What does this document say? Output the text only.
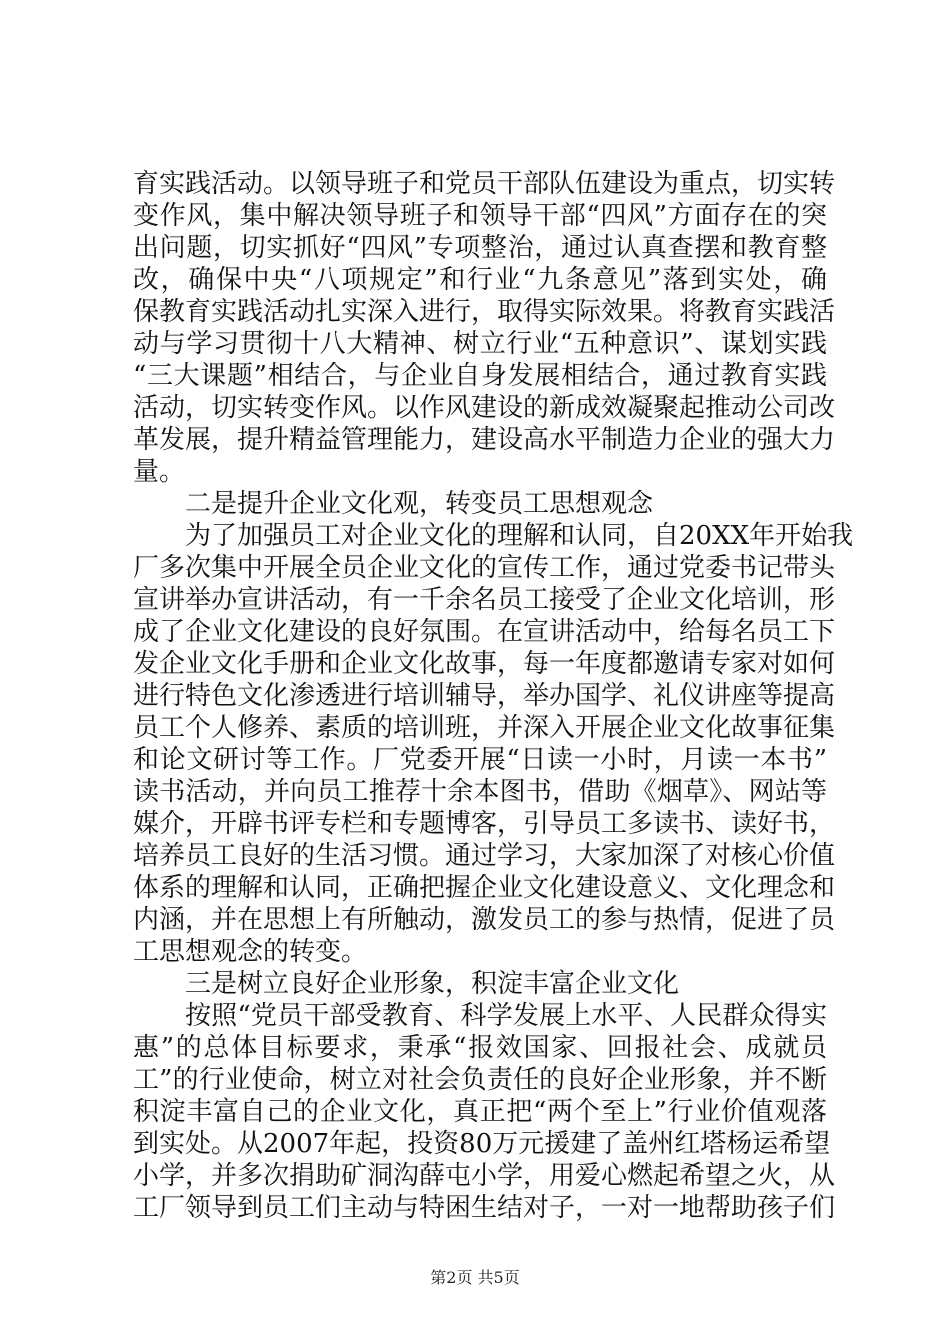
育实践活动。以领导班子和党员干部队伍建设为重点，切实转
变作风，集中解决领导班子和领导干部“四风”方面存在的突
出问题，切实抓好“四风”专项整治，通过认真查摆和教育整
改，确保中央“八项规定”和行业“九条意见”落到实处，确
保教育实践活动扎实深入进行，取得实际效果。将教育实践活
动与学习贯彻十八大精神、树立行业“五种意识”、谋划实践
“三大课题”相结合，与企业自身发展相结合，通过教育实践
活动，切实转变作风。以作风建设的新成效凝聚起推动公司改
革发展，提升精益管理能力，建设高水平制造力企业的强大力
量。
二是提升企业文化观，转变员工思想观念
为了加强员工对企业文化的理解和认同，自20XX年开始我
厂多次集中开展全员企业文化的宣传工作，通过党委书记带头
宣讲举办宣讲活动，有一千余名员工接受了企业文化培训，形
成了企业文化建设的良好氛围。在宣讲活动中，给每名员工下
发企业文化手册和企业文化故事，每一年度都邀请专家对如何
进行特色文化渗透进行培训辅导，举办国学、礼仪讲座等提高
员工个人修养、素质的培训班，并深入开展企业文化故事征集
和论文研讨等工作。厂党委开展“日读一小时，月读一本书”
读书活动，并向员工推荐十余本图书，借助《烟草》、网站等
媒介，开辟书评专栏和专题博客，引导员工多读书、读好书，
培养员工良好的生活习惯。通过学习，大家加深了对核心价值
体系的理解和认同，正确把握企业文化建设意义、文化理念和
内涵，并在思想上有所触动，激发员工的参与热情，促进了员
工思想观念的转变。
三是树立良好企业形象，积淀丰富企业文化
按照“党员干部受教育、科学发展上水平、人民群众得实
惠”的总体目标要求，秉承“报效国家、回报社会、成就员
工”的行业使命，树立对社会负责任的良好企业形象，并不断
积淀丰富自己的企业文化，真正把“两个至上”行业价值观落
到实处。从2007年起，投资80万元援建了盖州红塔杨运希望
小学，并多次捐助矿洞沟薛屯小学，用爱心燃起希望之火，从
工厂领导到员工们主动与特困生结对子，一对一地帮助孩子们
第2页 共5页
